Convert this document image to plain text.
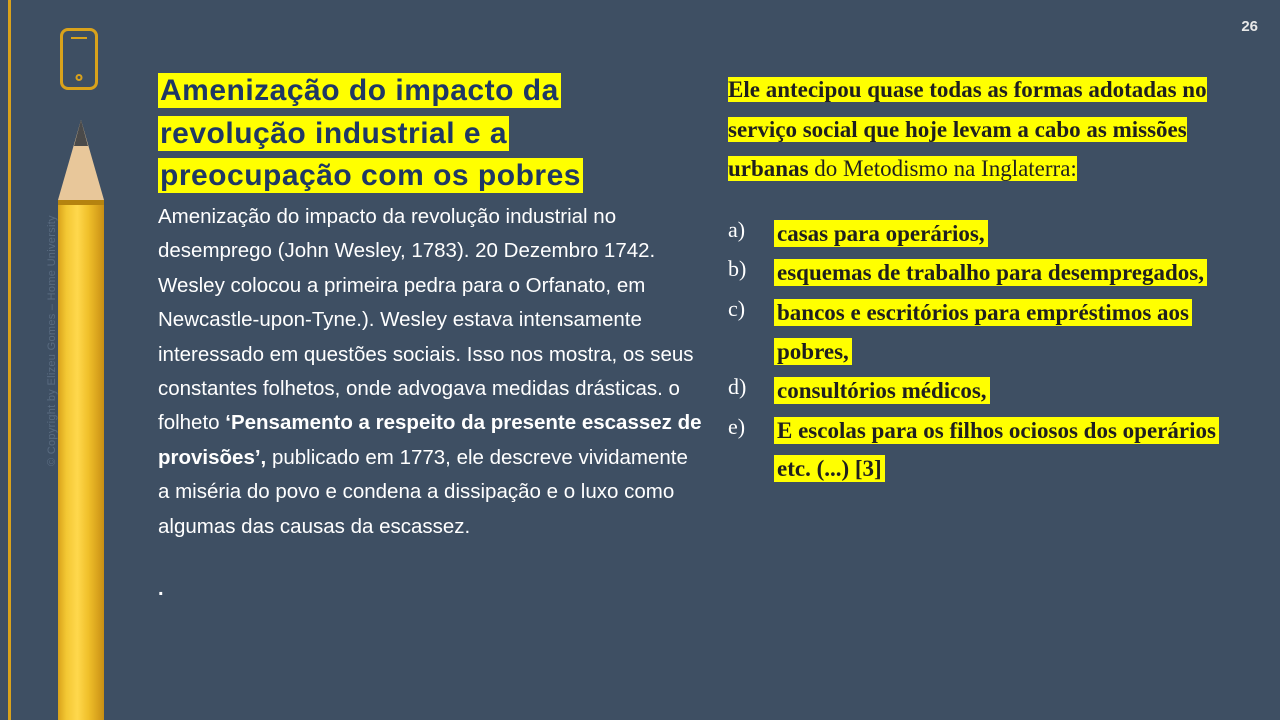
© Copyright by Elizeu Gomes – Home University
26
Amenização do impacto da
revolução industrial e a
preocupação com os pobres

Amenização do impacto da revolução industrial no desemprego (John Wesley, 1783). 20 Dezembro 1742. Wesley colocou a primeira pedra para o Orfanato, em Newcastle-upon-Tyne.). Wesley estava intensamente interessado em questões sociais. Isso nos mostra, os seus constantes folhetos, onde advogava medidas drásticas. o folheto ‘Pensamento a respeito da presente escassez de provisões’, publicado em 1773, ele descreve vividamente a miséria do povo e condena a dissipação e o luxo como algumas das causas da escassez.

.

Ele antecipou quase todas as formas adotadas no serviço social que hoje levam a cabo as missões urbanas do Metodismo na Inglaterra:

a)	casas para operários,
b)	esquemas de trabalho para desempregados,
c)	bancos e escritórios para empréstimos aos pobres,
d)	consultórios médicos,
e)	E escolas para os filhos ociosos dos operários etc. (...) [3]
